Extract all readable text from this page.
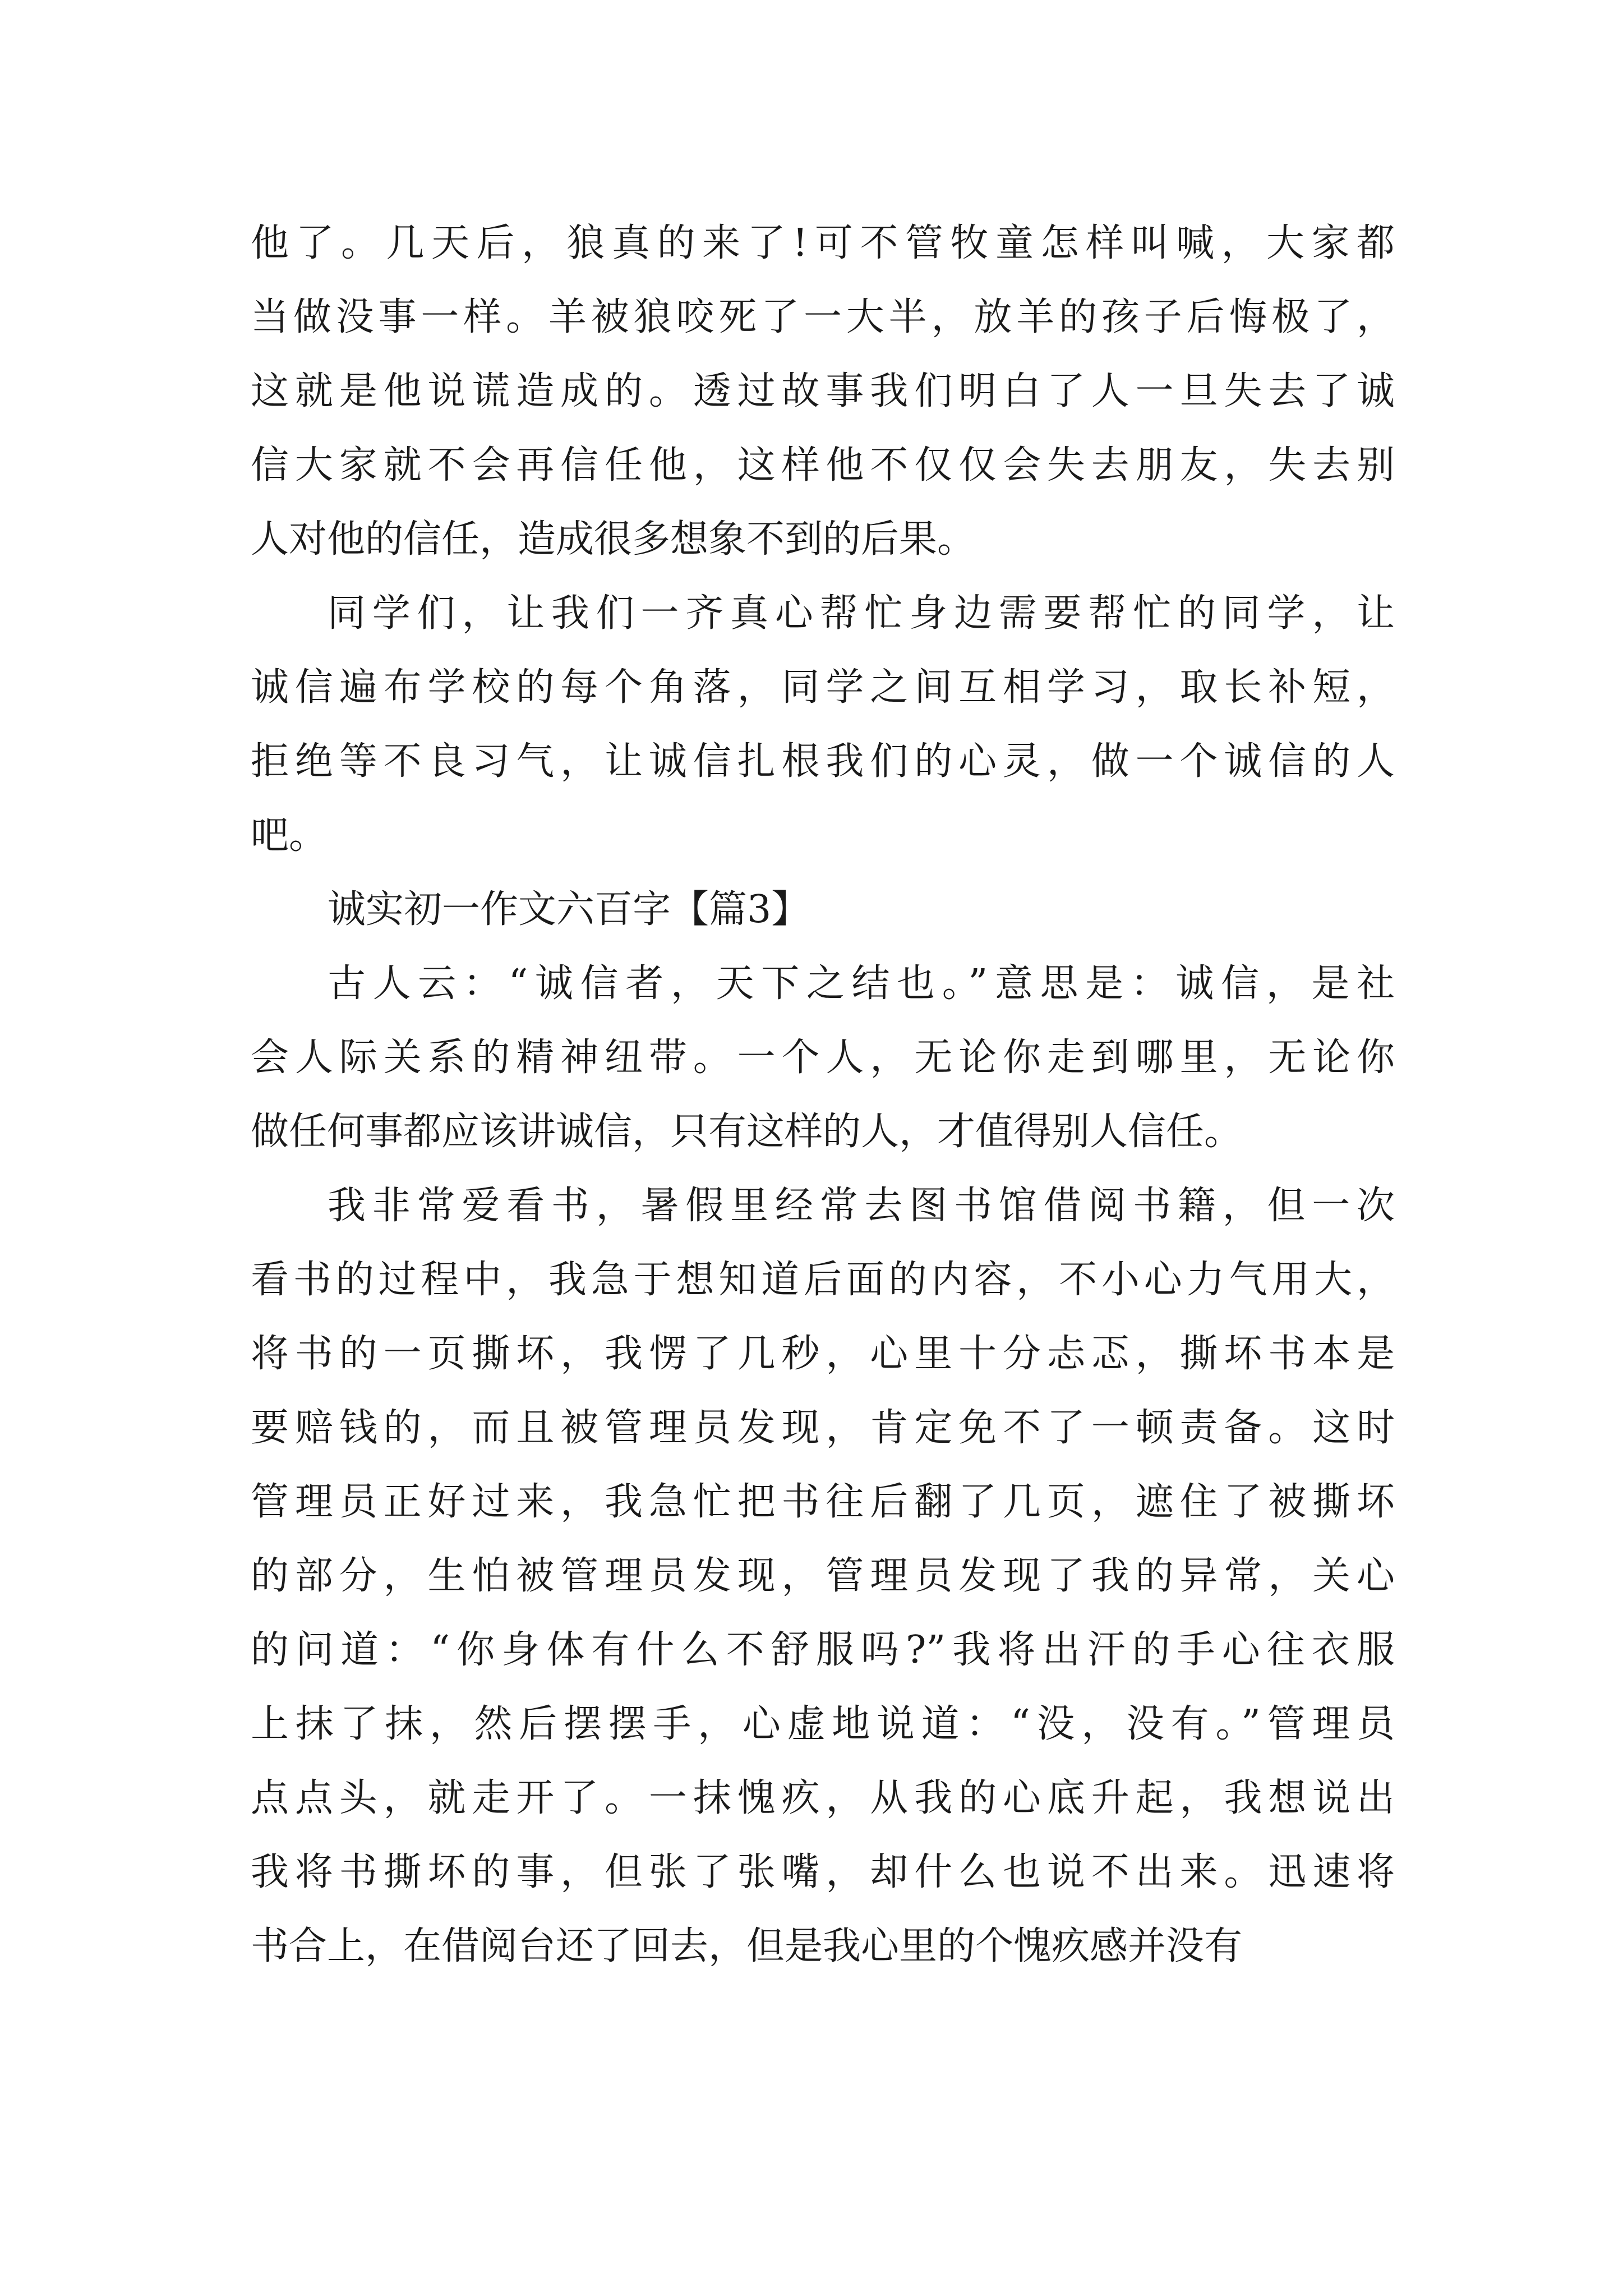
他了。几天后，狼真的来了!可不管牧童怎样叫喊，大家都
当做没事一样。羊被狼咬死了一大半，放羊的孩子后悔极了，
这就是他说谎造成的。透过故事我们明白了人一旦失去了诚
信大家就不会再信任他，这样他不仅仅会失去朋友，失去别
人对他的信任，造成很多想象不到的后果。
同学们，让我们一齐真心帮忙身边需要帮忙的同学，让
诚信遍布学校的每个角落，同学之间互相学习，取长补短，
拒绝等不良习气，让诚信扎根我们的心灵，做一个诚信的人
吧。
诚实初一作文六百字【篇3】
古人云：“诚信者，天下之结也。”意思是：诚信，是社
会人际关系的精神纽带。一个人，无论你走到哪里，无论你
做任何事都应该讲诚信，只有这样的人，才值得别人信任。
我非常爱看书，暑假里经常去图书馆借阅书籍，但一次
看书的过程中，我急于想知道后面的内容，不小心力气用大，
将书的一页撕坏，我愣了几秒，心里十分忐忑，撕坏书本是
要赔钱的，而且被管理员发现，肯定免不了一顿责备。这时
管理员正好过来，我急忙把书往后翻了几页，遮住了被撕坏
的部分，生怕被管理员发现，管理员发现了我的异常，关心
的问道：“你身体有什么不舒服吗?”我将出汗的手心往衣服
上抹了抹，然后摆摆手，心虚地说道：“没，没有。”管理员
点点头，就走开了。一抹愧疚，从我的心底升起，我想说出
我将书撕坏的事，但张了张嘴，却什么也说不出来。迅速将
书合上，在借阅台还了回去，但是我心里的个愧疚感并没有
